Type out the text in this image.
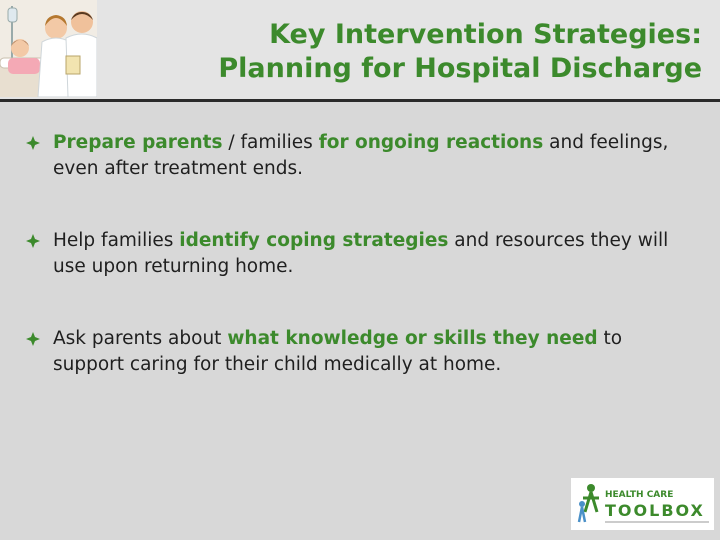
Key Intervention Strategies:
Planning for Hospital Discharge
Prepare parents / families for ongoing reactions and feelings, even after treatment ends.
Help families identify coping strategies and resources they will use upon returning home.
Ask parents about what knowledge or skills they need to support caring for their child medically at home.
HEALTH CARE
TOOLBOX
